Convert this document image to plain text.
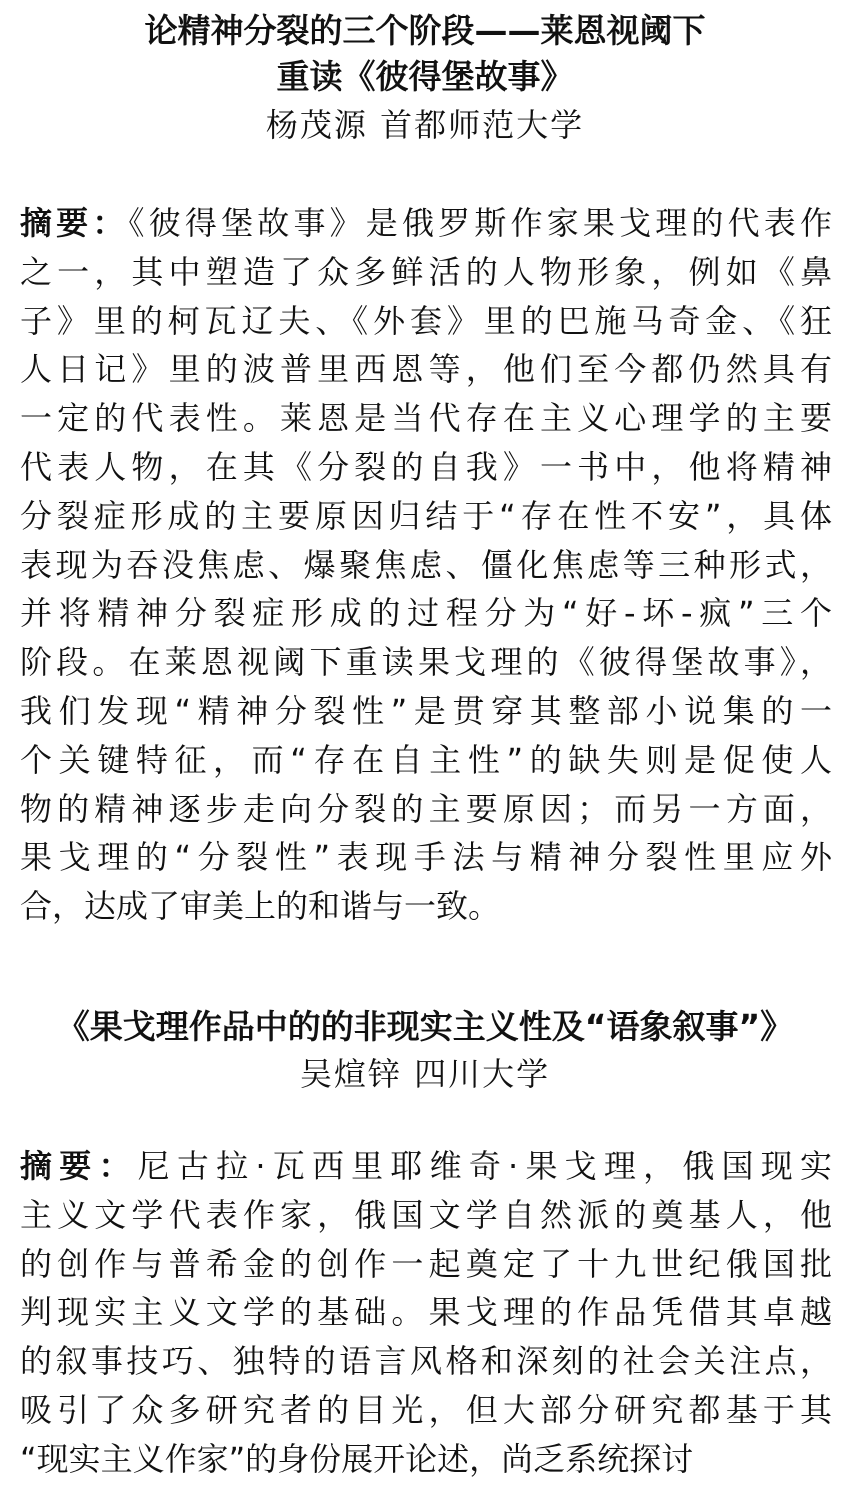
论精神分裂的三个阶段——莱恩视阈下
重读《彼得堡故事》
杨茂源 首都师范大学
摘要：《彼得堡故事》是俄罗斯作家果戈理的代表作
之一，其中塑造了众多鲜活的人物形象，例如《鼻
子》里的柯瓦辽夫、《外套》里的巴施马奇金、《狂
人日记》里的波普里西恩等，他们至今都仍然具有
一定的代表性。莱恩是当代存在主义心理学的主要
代表人物，在其《分裂的自我》一书中，他将精神
分裂症形成的主要原因归结于“存在性不安”，具体
表现为吞没焦虑、爆聚焦虑、僵化焦虑等三种形式，
并将精神分裂症形成的过程分为“好-坏-疯”三个
阶段。在莱恩视阈下重读果戈理的《彼得堡故事》，
我们发现“精神分裂性”是贯穿其整部小说集的一
个关键特征，而“存在自主性”的缺失则是促使人
物的精神逐步走向分裂的主要原因；而另一方面，
果戈理的“分裂性”表现手法与精神分裂性里应外
合，达成了审美上的和谐与一致。
《果戈理作品中的的非现实主义性及“语象叙事”》
吴煊锌 四川大学
摘要：尼古拉·瓦西里耶维奇·果戈理，俄国现实
主义文学代表作家，俄国文学自然派的奠基人，他
的创作与普希金的创作一起奠定了十九世纪俄国批
判现实主义文学的基础。果戈理的作品凭借其卓越
的叙事技巧、独特的语言风格和深刻的社会关注点，
吸引了众多研究者的目光，但大部分研究都基于其
“现实主义作家”的身份展开论述，尚乏系统探讨
